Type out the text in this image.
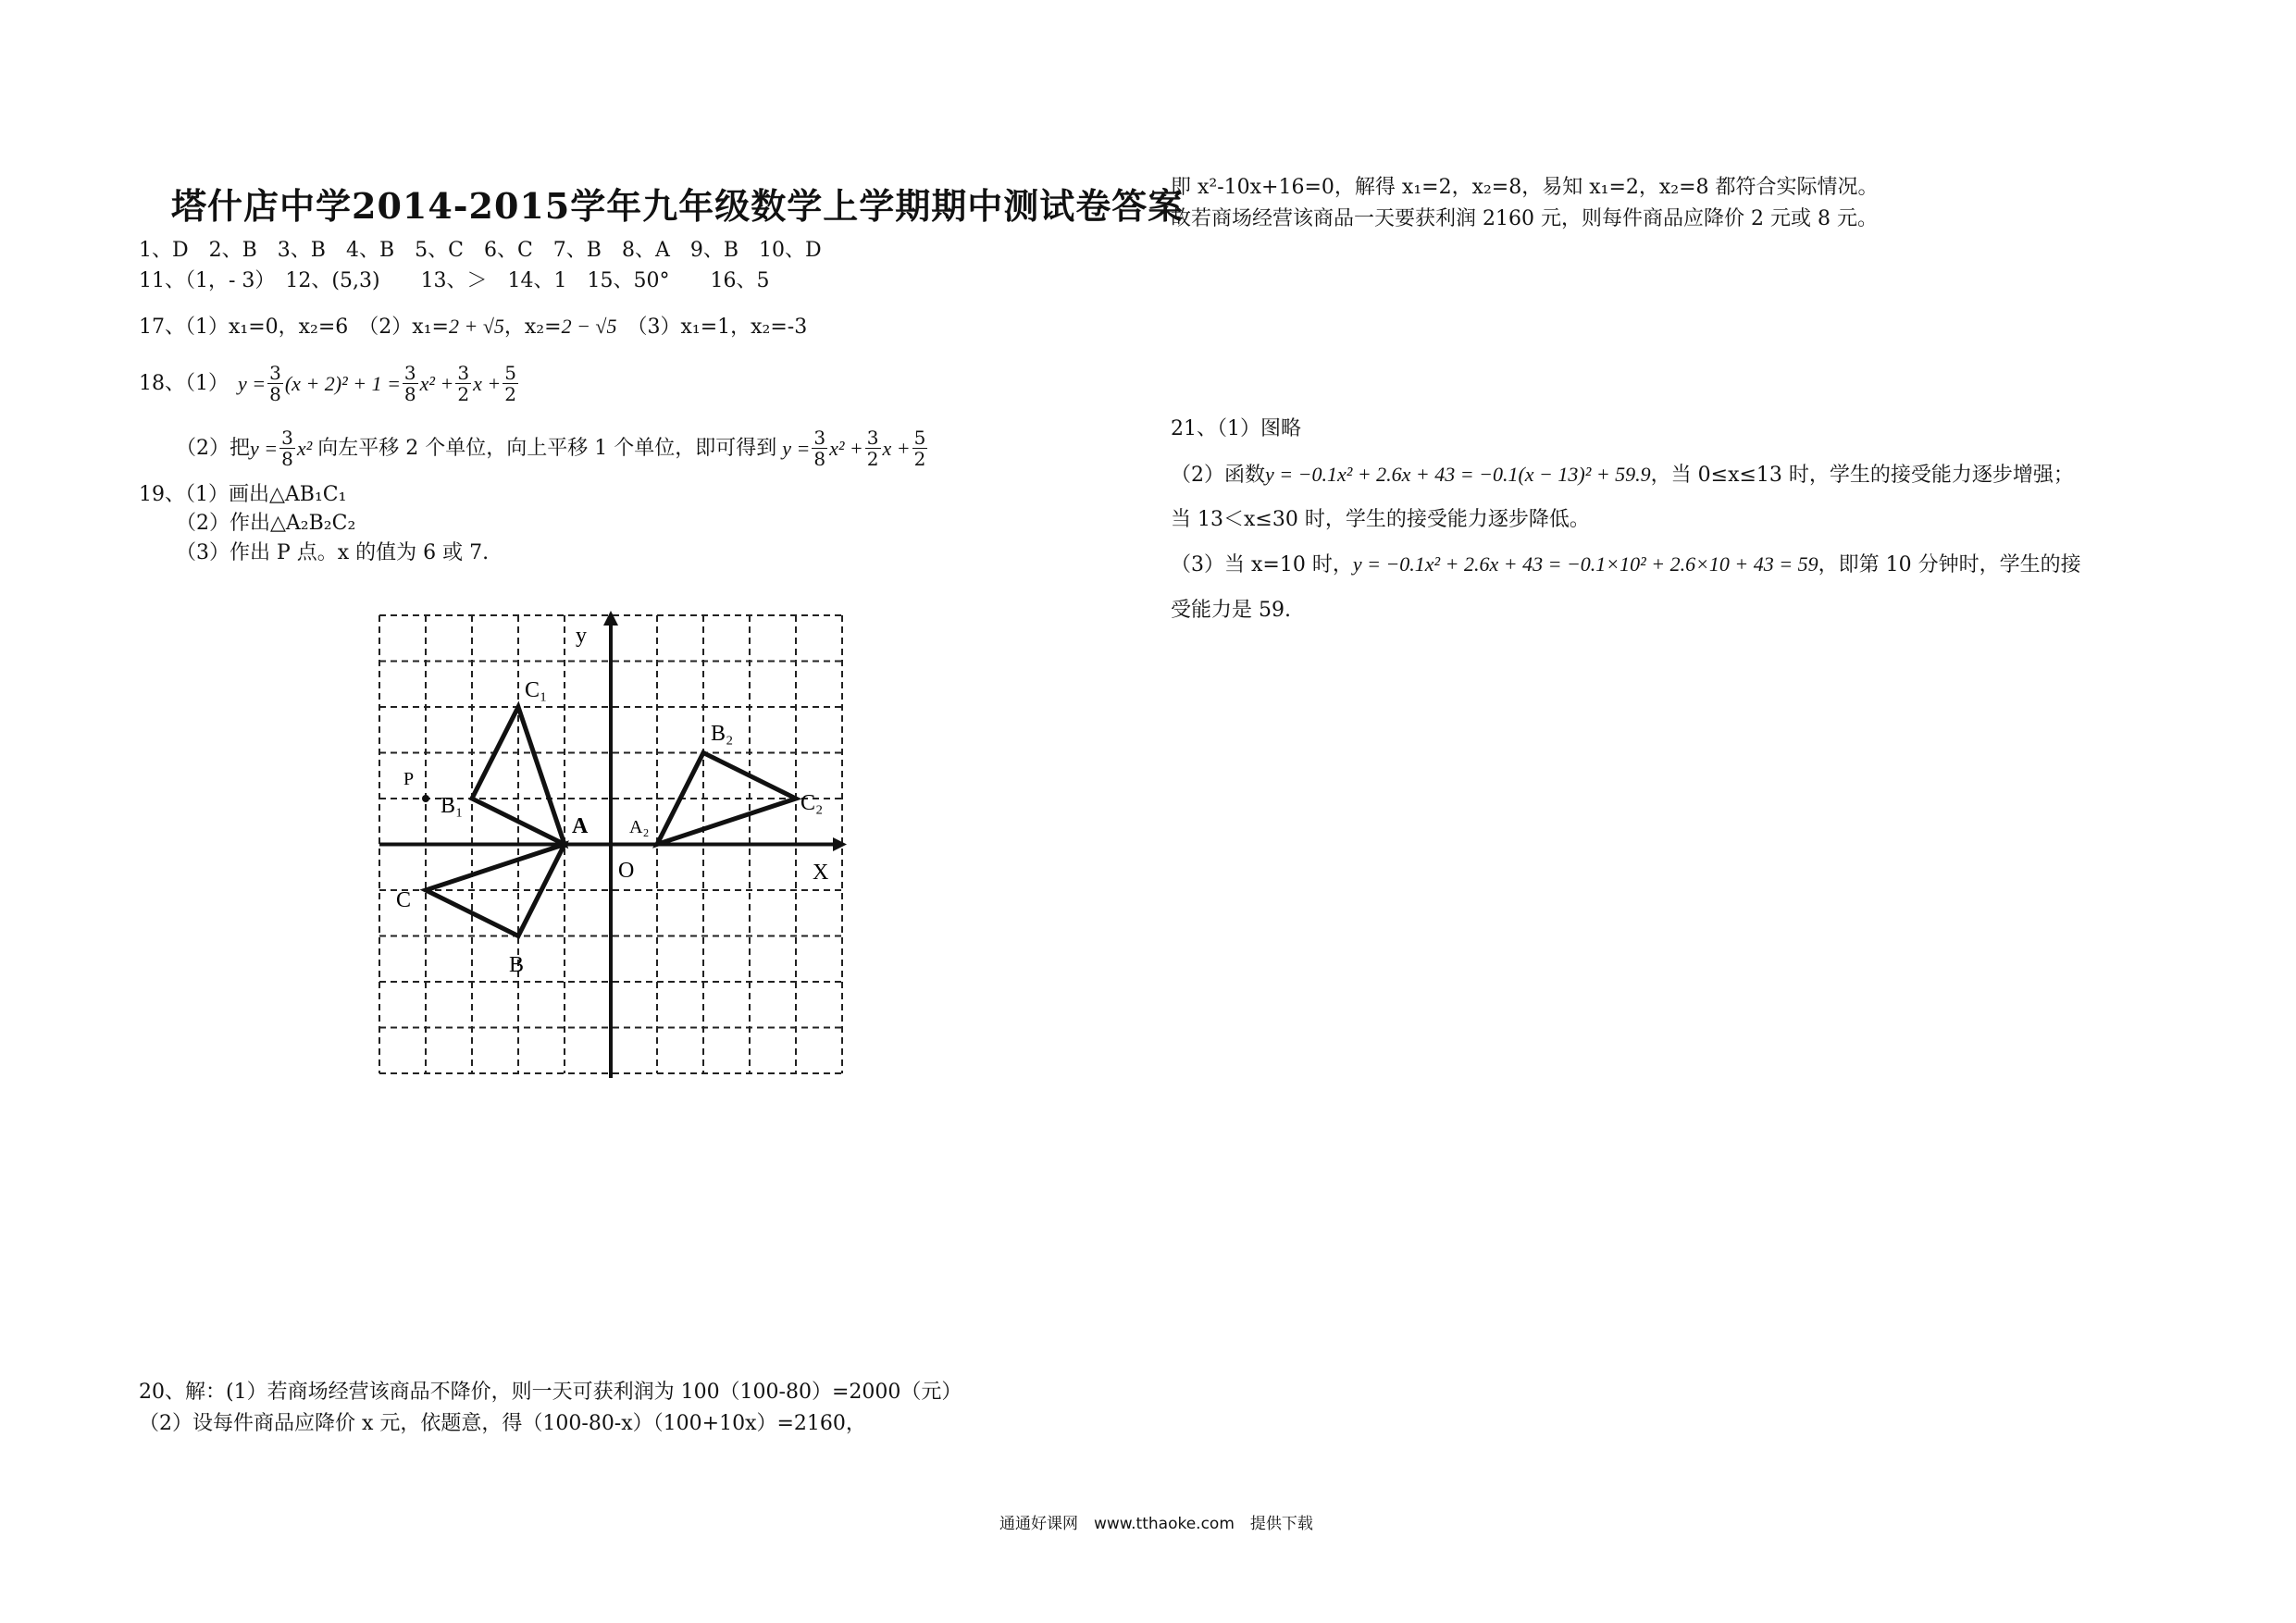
塔什店中学2014-2015学年九年级数学上学期期中测试卷答案
1、D　2、B　3、B　4、B　5、C　6、C　7、B　8、A　9、B　10、D
11、（1，- 3）　12、(5,3)　　13、＞　14、1　15、50°　　16、5
17、（1）x₁=0，x₂=6　（2）x₁=2 + √5，x₂=2 − √5　（3）x₁=1，x₂=-3
18、（1） $y = \frac{3}{8} (x + 2)^2 + 1 = \frac{3}{8} x^2 + \frac{3}{2}$ $x + \frac{5}{2}$
（2）把 $y = \frac{3}{8} x^2$ 向左平移 2 个单位，向上平移 1 个单位，即可得到 $y = \frac{3}{8} x^2 + \frac{3}{2}$ $x + \frac{5}{2}$
19、（1）画出△AB₁C₁
（2）作出△A₂B₂C₂
（3）作出 P 点。x 的值为 6 或 7.
y
X
O
A A₂
B
C
B₁
C₁
B₂
C₂
P
20、解：(1）若商场经营该商品不降价，则一天可获利润为 100（100-80）=2000（元）
（2）设每件商品应降价 x 元，依题意，得（100-80-x）（100+10x）=2160，
即 x²-10x+16=0，解得 x₁=2，x₂=8，易知 x₁=2，x₂=8 都符合实际情况。
故若商场经营该商品一天要获利润 2160 元，则每件商品应降价 2 元或 8 元。
21、（1）图略
（2）函数y = −0.1x² + 2.6x + 43 = −0.1(x − 13)² + 59.9，当 0≤x≤13 时，学生的接受能力逐步增强；
当 13＜x≤30 时，学生的接受能力逐步降低。
（3）当 x=10 时，y = −0.1x² + 2.6x + 43 = −0.1×10² + 2.6×10 + 43 = 59，即第 10 分钟时，学生的接
受能力是 59.
通通好课网　www.tthaoke.com　提供下载
